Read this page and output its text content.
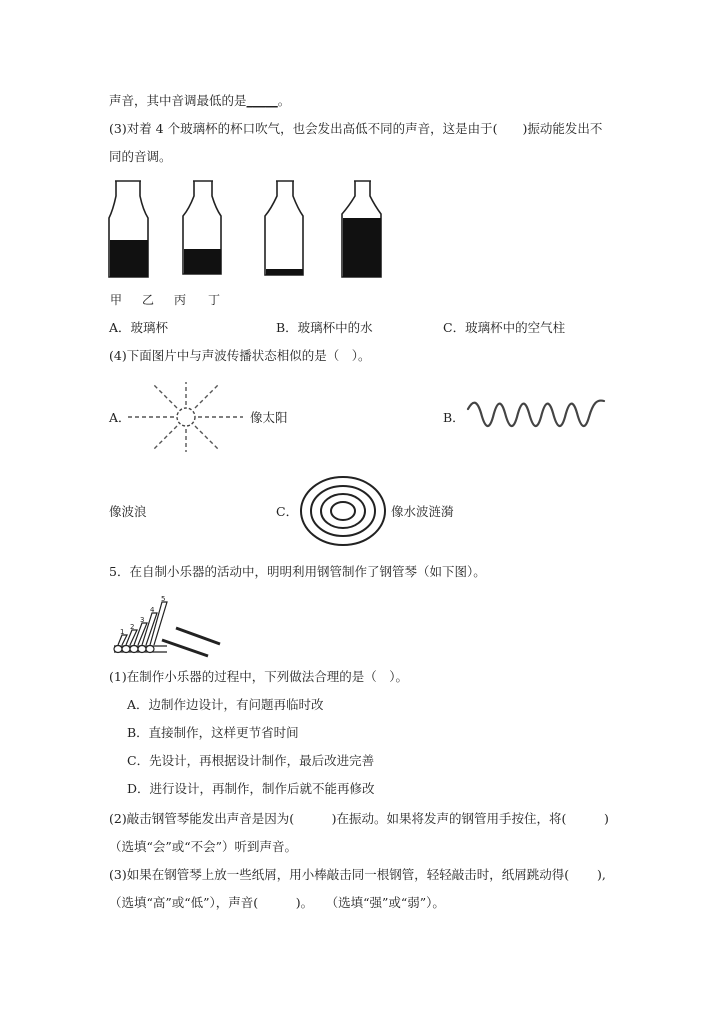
声音，其中音调最低的是_____。
(3)对着 4 个玻璃杯的杯口吹气，也会发出高低不同的声音，这是由于(  )振动能发出不
同的音调。
甲 乙 丙 丁
A．玻璃杯	B．玻璃杯中的水	C．玻璃杯中的空气柱
(4)下面图片中与声波传播状态相似的是（ ）。
A．	像太阳	B．
像波浪	C．	像水波涟漪
5．在自制小乐器的活动中，明明利用钢管制作了钢管琴（如下图）。
1
2
3
4
5
(1)在制作小乐器的过程中，下列做法合理的是（ ）。
A．边制作边设计，有问题再临时改
B．直接制作，这样更节省时间
C．先设计，再根据设计制作，最后改进完善
D．进行设计，再制作，制作后就不能再修改
(2)敲击钢管琴能发出声音是因为(   )在振动。如果将发声的钢管用手按住，将(	)
（选填“会”或“不会”）听到声音。
(3)如果在钢管琴上放一些纸屑，用小棒敲击同一根钢管，轻轻敲击时，纸屑跳动得( ),
（选填“高”或“低”），声音(   )。 （选填“强”或“弱”）。
